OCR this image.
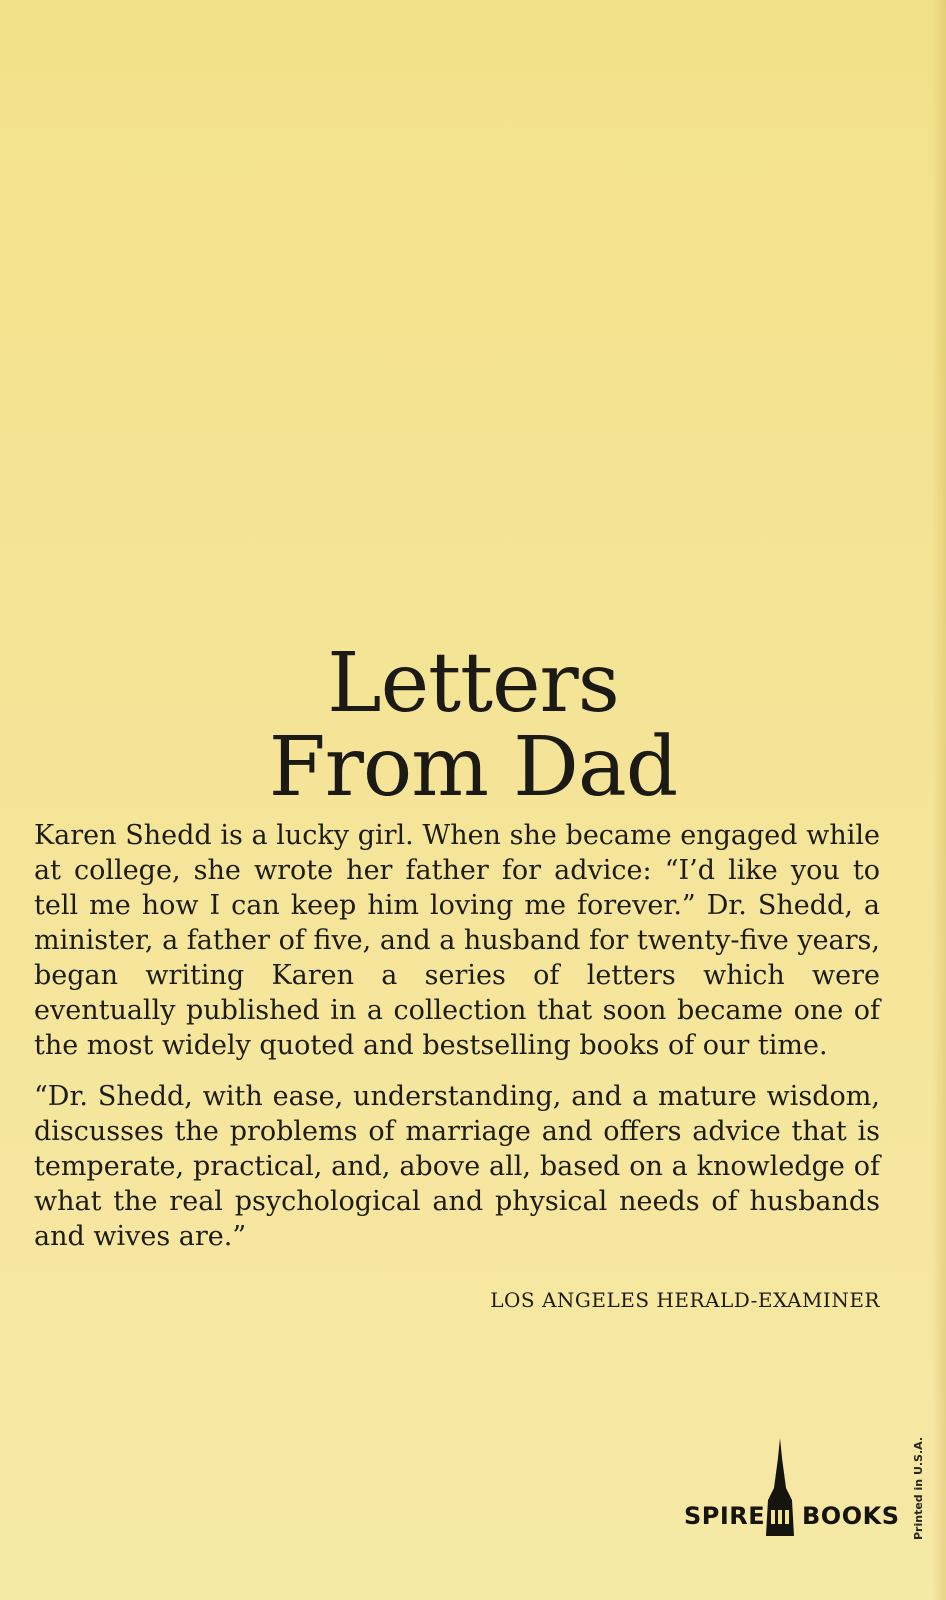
Letters
From Dad

Karen Shedd is a lucky girl. When she became engaged while at college, she wrote her father for advice: “I’d like you to tell me how I can keep him loving me forever.” Dr. Shedd, a minister, a father of five, and a husband for twenty-five years, began writing Karen a series of letters which were eventually published in a collection that soon became one of the most widely quoted and bestselling books of our time.

“Dr. Shedd, with ease, understanding, and a mature wisdom, discusses the problems of marriage and offers advice that is temperate, practical, and, above all, based on a knowledge of what the real psychological and physical needs of husbands and wives are.”

LOS ANGELES HERALD-EXAMINER
SPIRE BOOKS Printed in U.S.A.
